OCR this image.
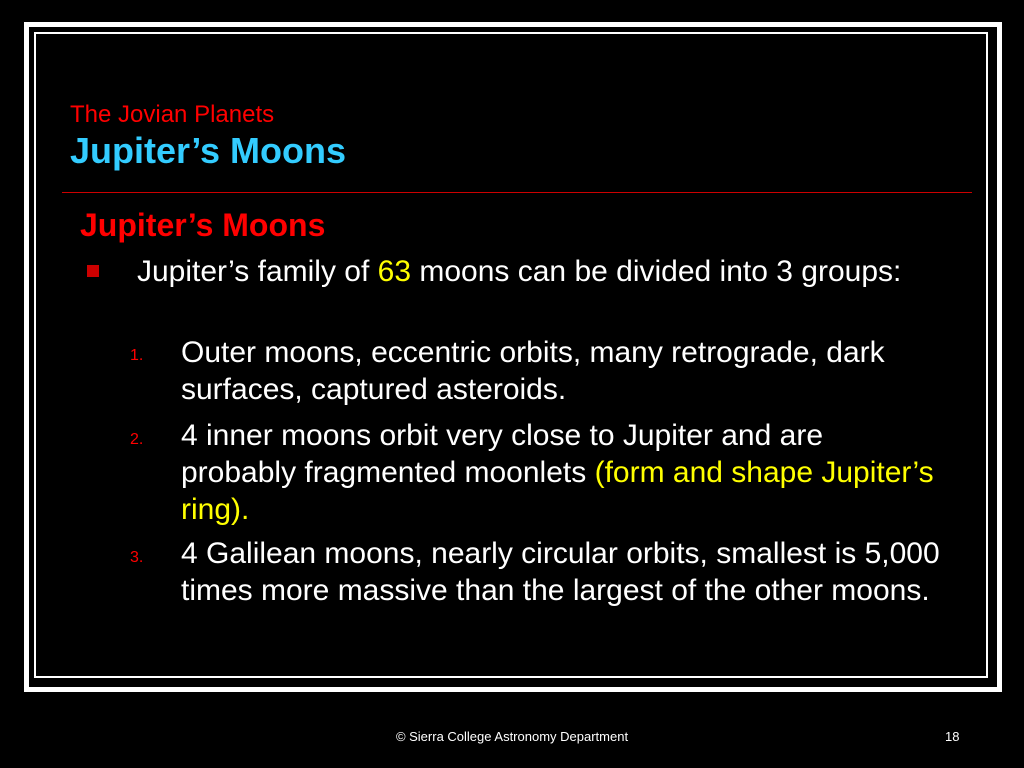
The Jovian Planets
Jupiter’s Moons
Jupiter’s Moons
Jupiter’s family of 63 moons can be divided into 3 groups:
1. Outer moons, eccentric orbits, many retrograde, dark surfaces, captured asteroids.
2. 4 inner moons orbit very close to Jupiter and are probably fragmented moonlets (form and shape Jupiter’s ring).
3. 4 Galilean moons, nearly circular orbits, smallest is 5,000 times more massive than the largest of the other moons.
© Sierra College Astronomy Department	18
